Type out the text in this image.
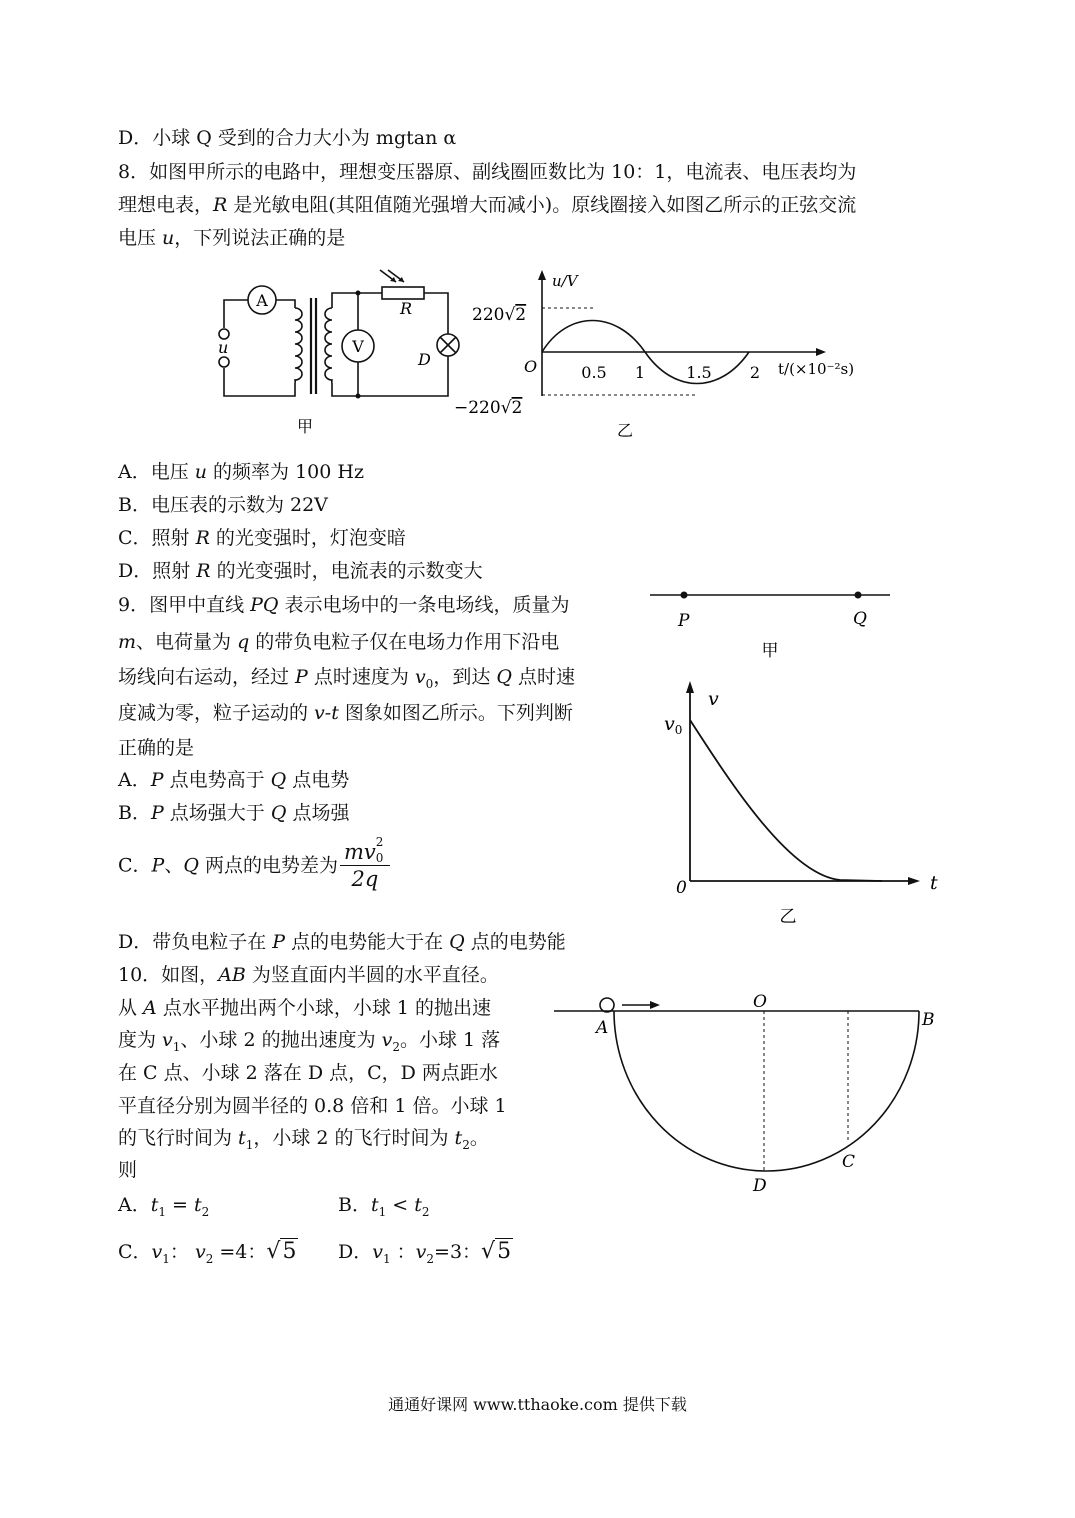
D．小球 Q 受到的合力大小为 mgtan α
8．如图甲所示的电路中，理想变压器原、副线圈匝数比为 10：1，电流表、电压表均为
理想电表，R 是光敏电阻(其阻值随光强增大而减小)。原线圈接入如图乙所示的正弦交流
电压 u，下列说法正确的是
A
V
u
R
D
甲
u/V
220√2
−220√2
O	0.5 1	1.5 2 t/(×10⁻²s)
乙
A．电压 u 的频率为 100 Hz
B．电压表的示数为 22V
C．照射 R 的光变强时，灯泡变暗
D．照射 R 的光变强时，电流表的示数变大
9．图甲中直线 PQ 表示电场中的一条电场线，质量为
m、电荷量为 q 的带负电粒子仅在电场力作用下沿电
场线向右运动，经过 P 点时速度为 $v_0$，到达 Q 点时速
度减为零，粒子运动的 v-t 图象如图乙所示。下列判断
正确的是
A．P 点电势高于 Q 点电势
B．P 点场强大于 Q 点场强
C．P、Q 两点的电势差为 mv 2
0

2q
D．带负电粒子在 P 点的电势能大于在 Q 点的电势能
P	Q
甲
v
$v_0$
0	t
乙
10．如图，AB 为竖直面内半圆的水平直径。
从 A 点水平抛出两个小球，小球 1 的抛出速
度为 $v_1$、小球 2 的抛出速度为 $v_2$。小球 1 落
在 C 点、小球 2 落在 D 点，C，D 两点距水
平直径分别为圆半径的 0.8 倍和 1 倍。小球 1
的飞行时间为 $t_1$，小球 2 的飞行时间为 $t_2$。
则
A．$t_1 = t_2$	B．$t_1 < t_2$
C．$v_1$： $v_2 =4$：√5 D．$v_1$ ：$v_2=3$：√5
A	B
O
C
D
通通好课网 www.tthaoke.com 提供下载
